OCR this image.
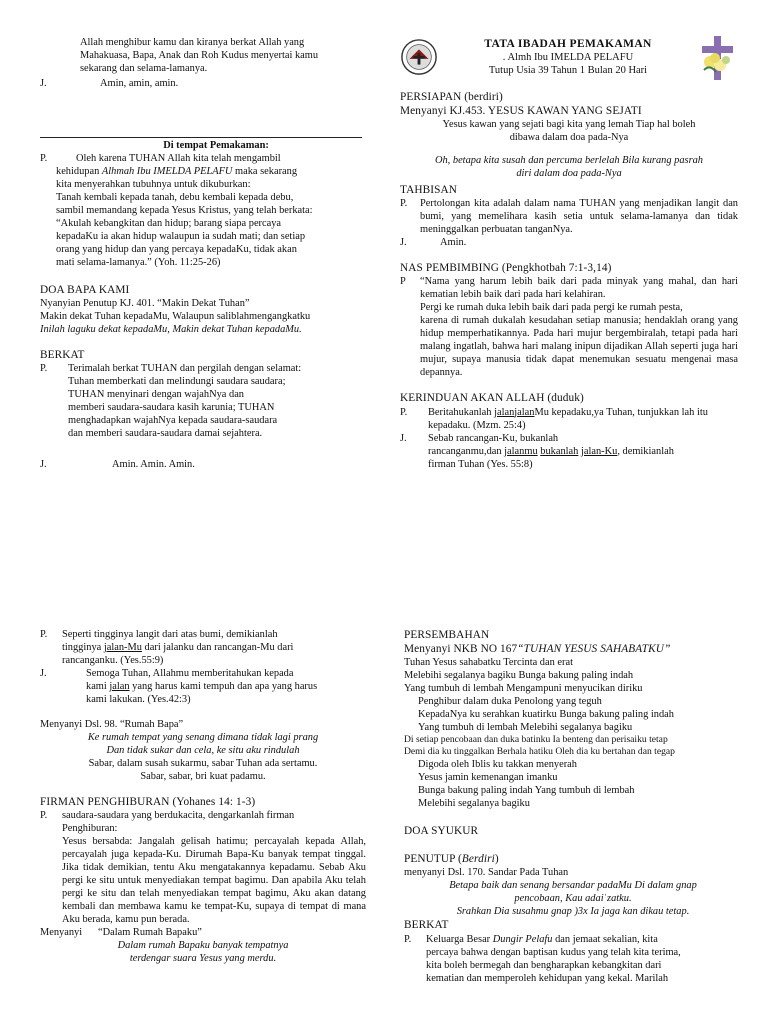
Allah menghibur kamu dan kiranya berkat Allah yang

Mahakuasa, Bapa, Anak dan Roh Kudus menyertai kamu

sekarang dan selama-lamanya.

J.	Amin, amin, amin.

Di tempat Pemakaman:

P.	Oleh karena TUHAN Allah kita telah mengambil

kehidupan Alhmah Ibu IMELDA PELAFU maka sekarang

kita menyerahkan tubuhnya untuk dikuburkan:

Tanah kembali kepada tanah, debu kembali kepada debu,

sambil memandang kepada Yesus Kristus, yang telah berkata:

“Akulah kebangkitan dan hidup; barang siapa percaya

kepadaKu ia akan hidup walaupun ia sudah mati; dan setiap

orang yang hidup dan yang percaya kepadaKu, tidak akan

mati selama-lamanya.” (Yoh. 11:25-26)

DOA BAPA KAMI

Nyanyian Penutup KJ. 401. “Makin Dekat Tuhan”

Makin dekat Tuhan kepadaMu, Walaupun saliblahmengangkatku

Inilah laguku dekat kepadaMu, Makin dekat Tuhan kepadaMu.

BERKAT

P.	Terimalah berkat TUHAN dan pergilah dengan selamat:

Tuhan memberkati dan melindungi saudara saudara;

TUHAN menyinari dengan wajahNya dan

memberi saudara-saudara kasih karunia; TUHAN

menghadapkan wajahNya kepada saudara-saudara

dan memberi saudara-saudara damai sejahtera.

J.	Amin. Amin. Amin.

TATA IBADAH PEMAKAMAN

. Almh Ibu IMELDA PELAFU

Tutup Usia 39 Tahun 1 Bulan 20 Hari

PERSIAPAN (berdiri)

Menyanyi KJ.453. YESUS KAWAN YANG SEJATI

Yesus kawan yang sejati bagi kita yang lemah Tiap hal boleh

dibawa dalam doa pada-Nya

Oh, betapa kita susah dan percuma berlelah Bila kurang pasrah

diri dalam doa pada-Nya

TAHBISAN

P.	Pertolongan kita adalah dalam nama TUHAN yang menjadikan langit dan bumi, yang memelihara kasih setia untuk selama-lamanya dan tidak meninggalkan perbuatan tanganNya.
J.	Amin.

NAS PEMBIMBING (Pengkhotbah 7:1-3,14)

P	“Nama yang harum lebih baik dari pada minyak yang mahal, dan hari kematian lebih baik dari pada hari kelahiran.

Pergi ke rumah duka lebih baik dari pada pergi ke rumah pesta,

karena di rumah dukalah kesudahan setiap manusia; hendaklah orang yang hidup memperhatikannya. Pada hari mujur bergembiralah, tetapi pada hari malang ingatlah, bahwa hari malang inipun dijadikan Allah seperti juga hari mujur, supaya manusia tidak dapat menemukan sesuatu mengenai masa depannya.

KERINDUAN AKAN ALLAH (duduk)

P.	Beritahukanlah jalanjalanMu kepadaku,ya Tuhan, tunjukkan lah itu kepadaku. (Mzm. 25:4)

J.	Sebab rancangan-Ku, bukanlah

rancanganmu,dan jalanmu bukanlah jalan-Ku, demikianlah

firman Tuhan (Yes. 55:8)

P.	Seperti tingginya langit dari atas bumi, demikianlah

tingginya jalan-Mu dari jalanku dan rancangan-Mu dari

rancanganku. (Yes.55:9)

J.	Semoga Tuhan, Allahmu memberitahukan kepada

kami jalan yang harus kami tempuh dan apa yang harus

kami lakukan. (Yes.42:3)

Menyanyi Dsl. 98. “Rumah Bapa”

Ke rumah tempat yang senang dimana tidak lagi prang

Dan tidak sukar dan cela, ke situ aku rindulah

Sabar, dalam susah sukarmu, sabar Tuhan ada sertamu.

Sabar, sabar, bri kuat padamu.

FIRMAN PENGHIBURAN (Yohanes 14: 1-3)

P.	saudara-saudara yang berdukacita, dengarkanlah firman

Penghiburan:

Yesus bersabda: Jangalah gelisah hatimu; percayalah kepada Allah, percayalah juga kepada-Ku. Dirumah Bapa-Ku banyak tempat tinggal. Jika tidak demikian, tentu Aku mengatakannya kepadamu. Sebab Aku pergi ke situ untuk menyediakan tempat bagimu. Dan apabila Aku telah pergi ke situ dan telah menyediakan tempat bagimu, Aku akan datang kembali dan membawa kamu ke tempat-Ku, supaya di tempat di mana Aku berada, kamu pun berada.

Menyanyi	“Dalam Rumah Bapaku”

Dalam rumah Bapaku banyak tempatnya

terdengar suara Yesus yang merdu.

PERSEMBAHAN

Menyanyi NKB NO 167“TUHAN YESUS SAHABATKU”

Tuhan Yesus sahabatku Tercinta dan erat

Melebihi segalanya bagiku Bunga bakung paling indah

Yang tumbuh di lembah Mengampuni menyucikan diriku

Penghibur dalam duka Penolong yang teguh

KepadaNya ku serahkan kuatirku Bunga bakung paling indah

Yang tumbuh di lembah Melebihi segalanya bagiku

Di setiap pencobaan dan duka batinku Ia benteng dan perisaiku tetap

Demi dia ku tinggalkan Berhala hatiku Oleh dia ku bertahan dan tegap

Digoda oleh Iblis ku takkan menyerah

Yesus jamin kemenangan imanku

Bunga bakung paling indah Yang tumbuh di lembah

Melebihi segalanya bagiku

DOA SYUKUR

PENUTUP (Berdiri)

menyanyi Dsl. 170. Sandar Pada Tuhan

Betapa baik dan senang bersandar padaMu Di dalam gnap

pencobaan, Kau adaiˈzatku.

Srahkan Dia susahmu gnap )3x Ia jaga kan dikau tetap.

BERKAT

P.	Keluarga Besar Dungir Pelafu dan jemaat sekalian, kita

percaya bahwa dengan baptisan kudus yang telah kita terima,

kita boleh bermegah dan bengharapkan kebangkitan dari

kematian dan memperoleh kehidupan yang kekal. Marilah
